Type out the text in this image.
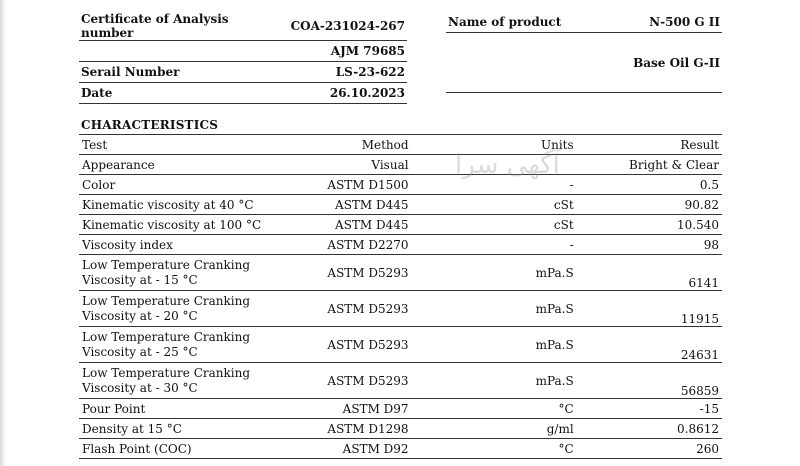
Certificate of Analysis number	COA-231024-267
	AJM 79685
Serail Number	LS-23-622
Date	26.10.2023
Name of product	N-500 G II
	Base Oil G-II
CHARACTERISTICS
Test	Method	Units	Result
Appearance	Visual		Bright & Clear
Color	ASTM D1500	-	0.5
Kinematic viscosity at 40 °C	ASTM D445	cSt	90.82
Kinematic viscosity at 100 °C	ASTM D445	cSt	10.540
Viscosity index	ASTM D2270	-	98
Low Temperature Cranking
Viscosity at - 15 °C	ASTM D5293	mPa.S	6141
Low Temperature Cranking
Viscosity at - 20 °C	ASTM D5293	mPa.S	11915
Low Temperature Cranking
Viscosity at - 25 °C	ASTM D5293	mPa.S	24631
Low Temperature Cranking
Viscosity at - 30 °C	ASTM D5293	mPa.S	56859
Pour Point	ASTM D97	°C	-15
Density at 15 °C	ASTM D1298	g/ml	0.8612
Flash Point (COC)	ASTM D92	°C	260
آگهی سرا
